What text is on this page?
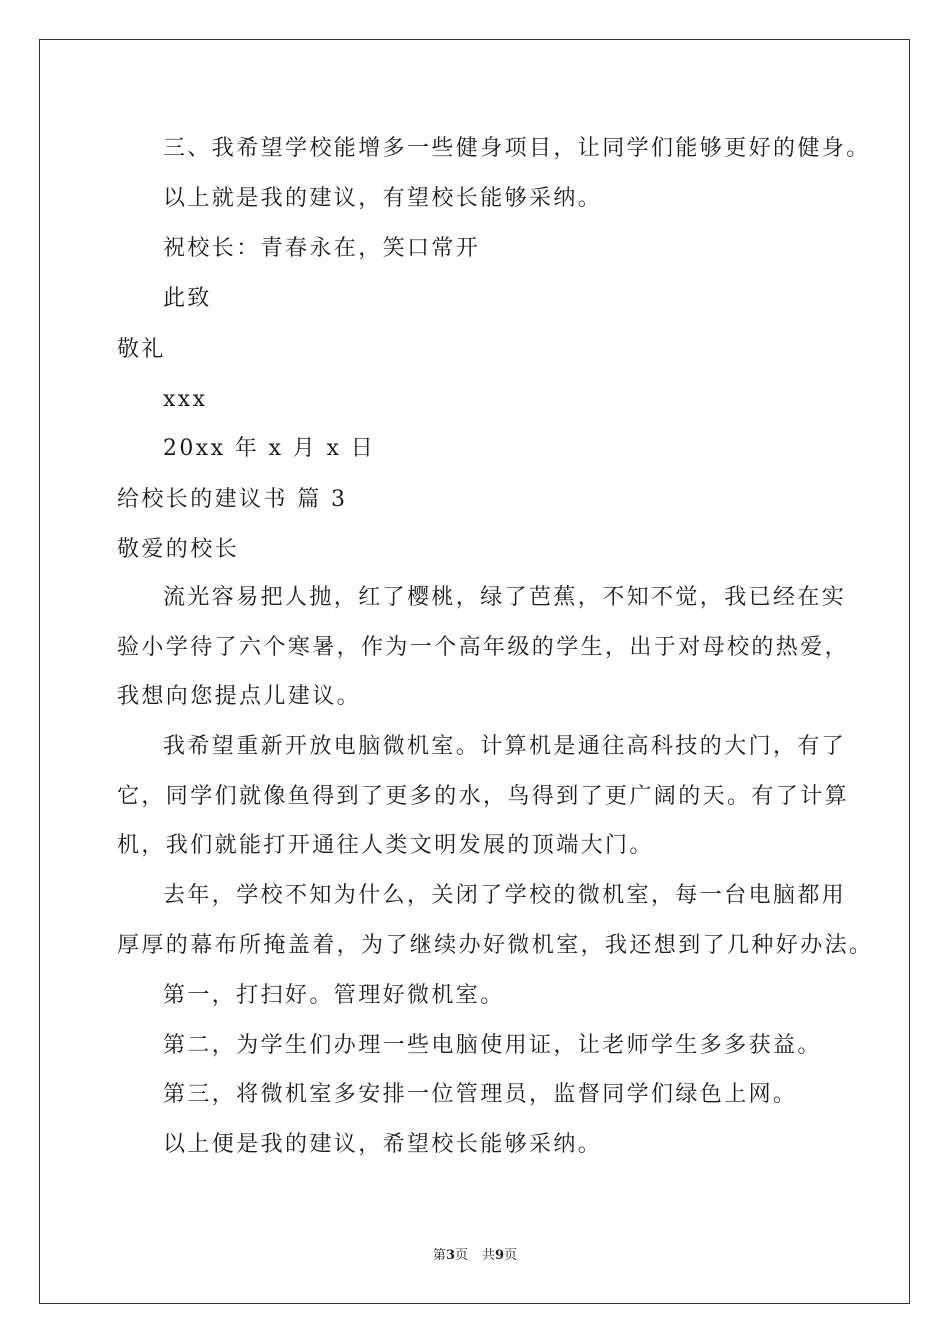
三、我希望学校能增多一些健身项目，让同学们能够更好的健身。
以上就是我的建议，有望校长能够采纳。
祝校长：青春永在，笑口常开
此致
敬礼
xxx
20xx 年 x 月 x 日
给校长的建议书 篇 3
敬爱的校长
流光容易把人抛，红了樱桃，绿了芭蕉，不知不觉，我已经在实
验小学待了六个寒暑，作为一个高年级的学生，出于对母校的热爱，
我想向您提点儿建议。
我希望重新开放电脑微机室。计算机是通往高科技的大门，有了
它，同学们就像鱼得到了更多的水，鸟得到了更广阔的天。有了计算
机，我们就能打开通往人类文明发展的顶端大门。
去年，学校不知为什么，关闭了学校的微机室，每一台电脑都用
厚厚的幕布所掩盖着，为了继续办好微机室，我还想到了几种好办法。
第一，打扫好。管理好微机室。
第二，为学生们办理一些电脑使用证，让老师学生多多获益。
第三，将微机室多安排一位管理员，监督同学们绿色上网。
以上便是我的建议，希望校长能够采纳。
第3页 共9页
